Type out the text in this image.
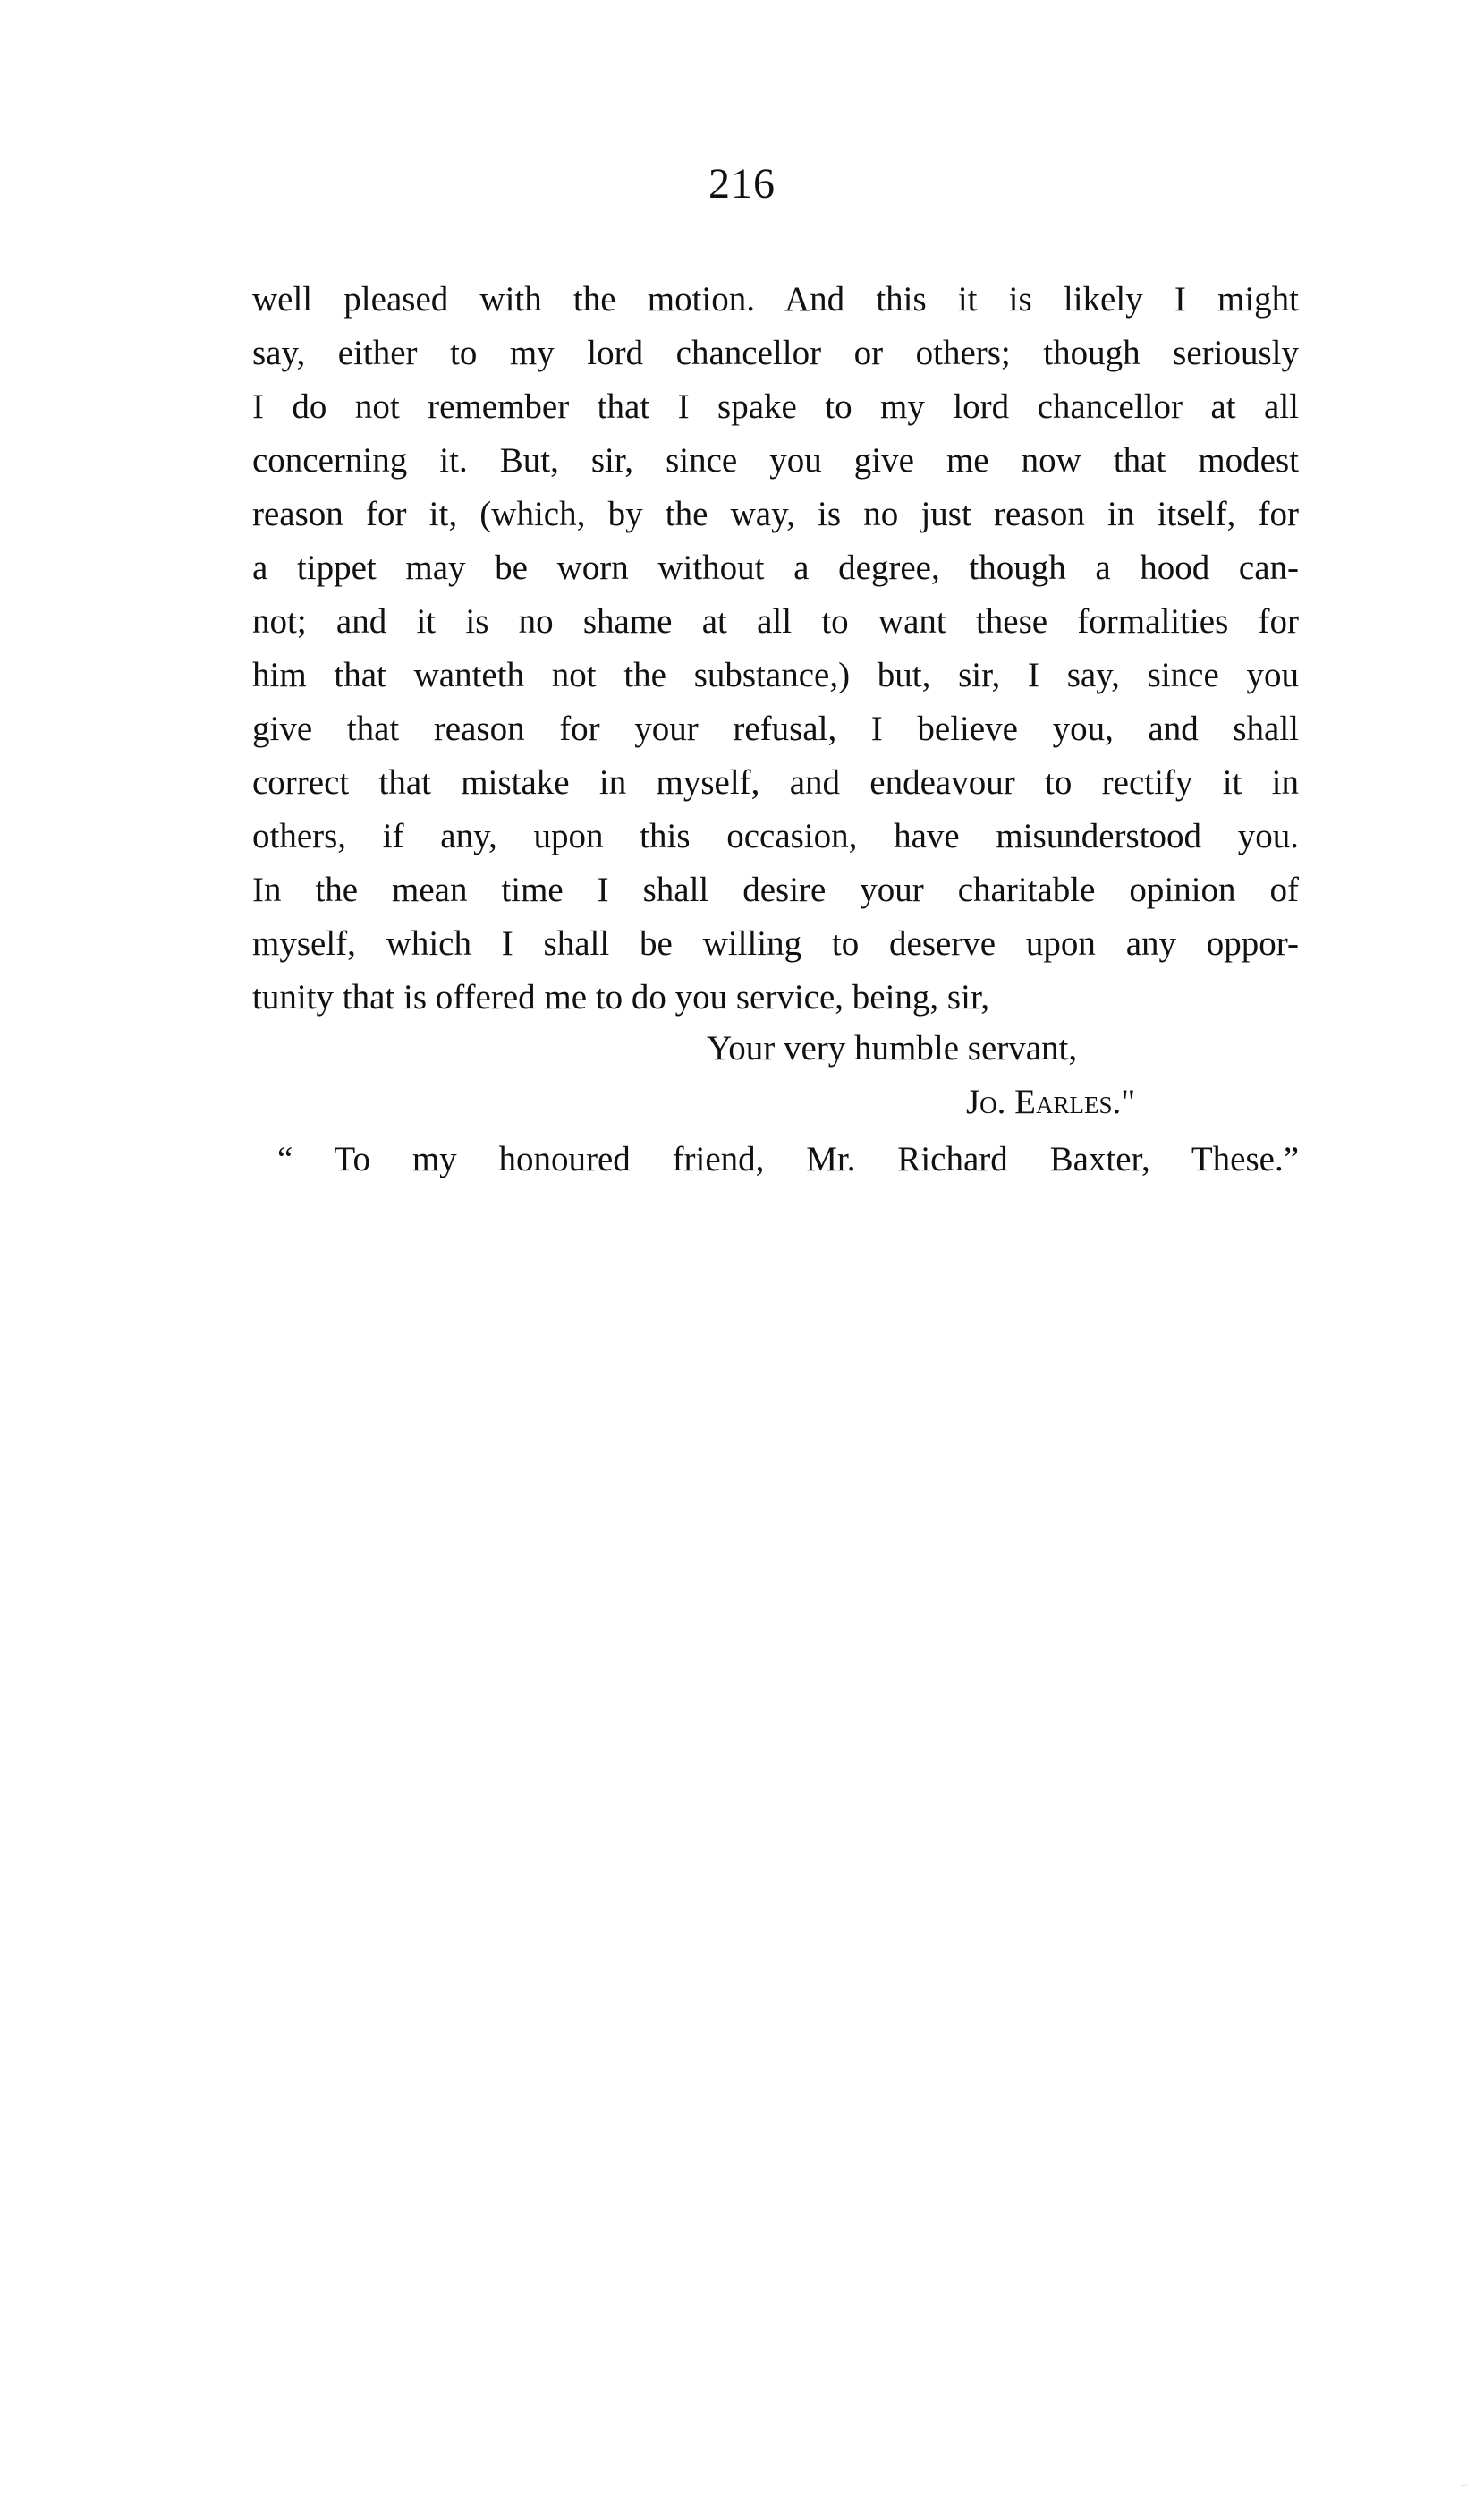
216
well pleased with the motion. And this it is likely I might
say, either to my lord chancellor or others; though seriously
I do not remember that I spake to my lord chancellor at all
concerning it. But, sir, since you give me now that modest
reason for it, (which, by the way, is no just reason in itself, for
a tippet may be worn without a degree, though a hood can-
not; and it is no shame at all to want these formalities for
him that wanteth not the substance,) but, sir, I say, since you
give that reason for your refusal, I believe you, and shall
correct that mistake in myself, and endeavour to rectify it in
others, if any, upon this occasion, have misunderstood you.
In the mean time I shall desire your charitable opinion of
myself, which I shall be willing to deserve upon any oppor-
tunity that is offered me to do you service, being, sir,
Your very humble servant,
Jo. Earles."
“ To my honoured friend, Mr. Richard Baxter, These.”
...
